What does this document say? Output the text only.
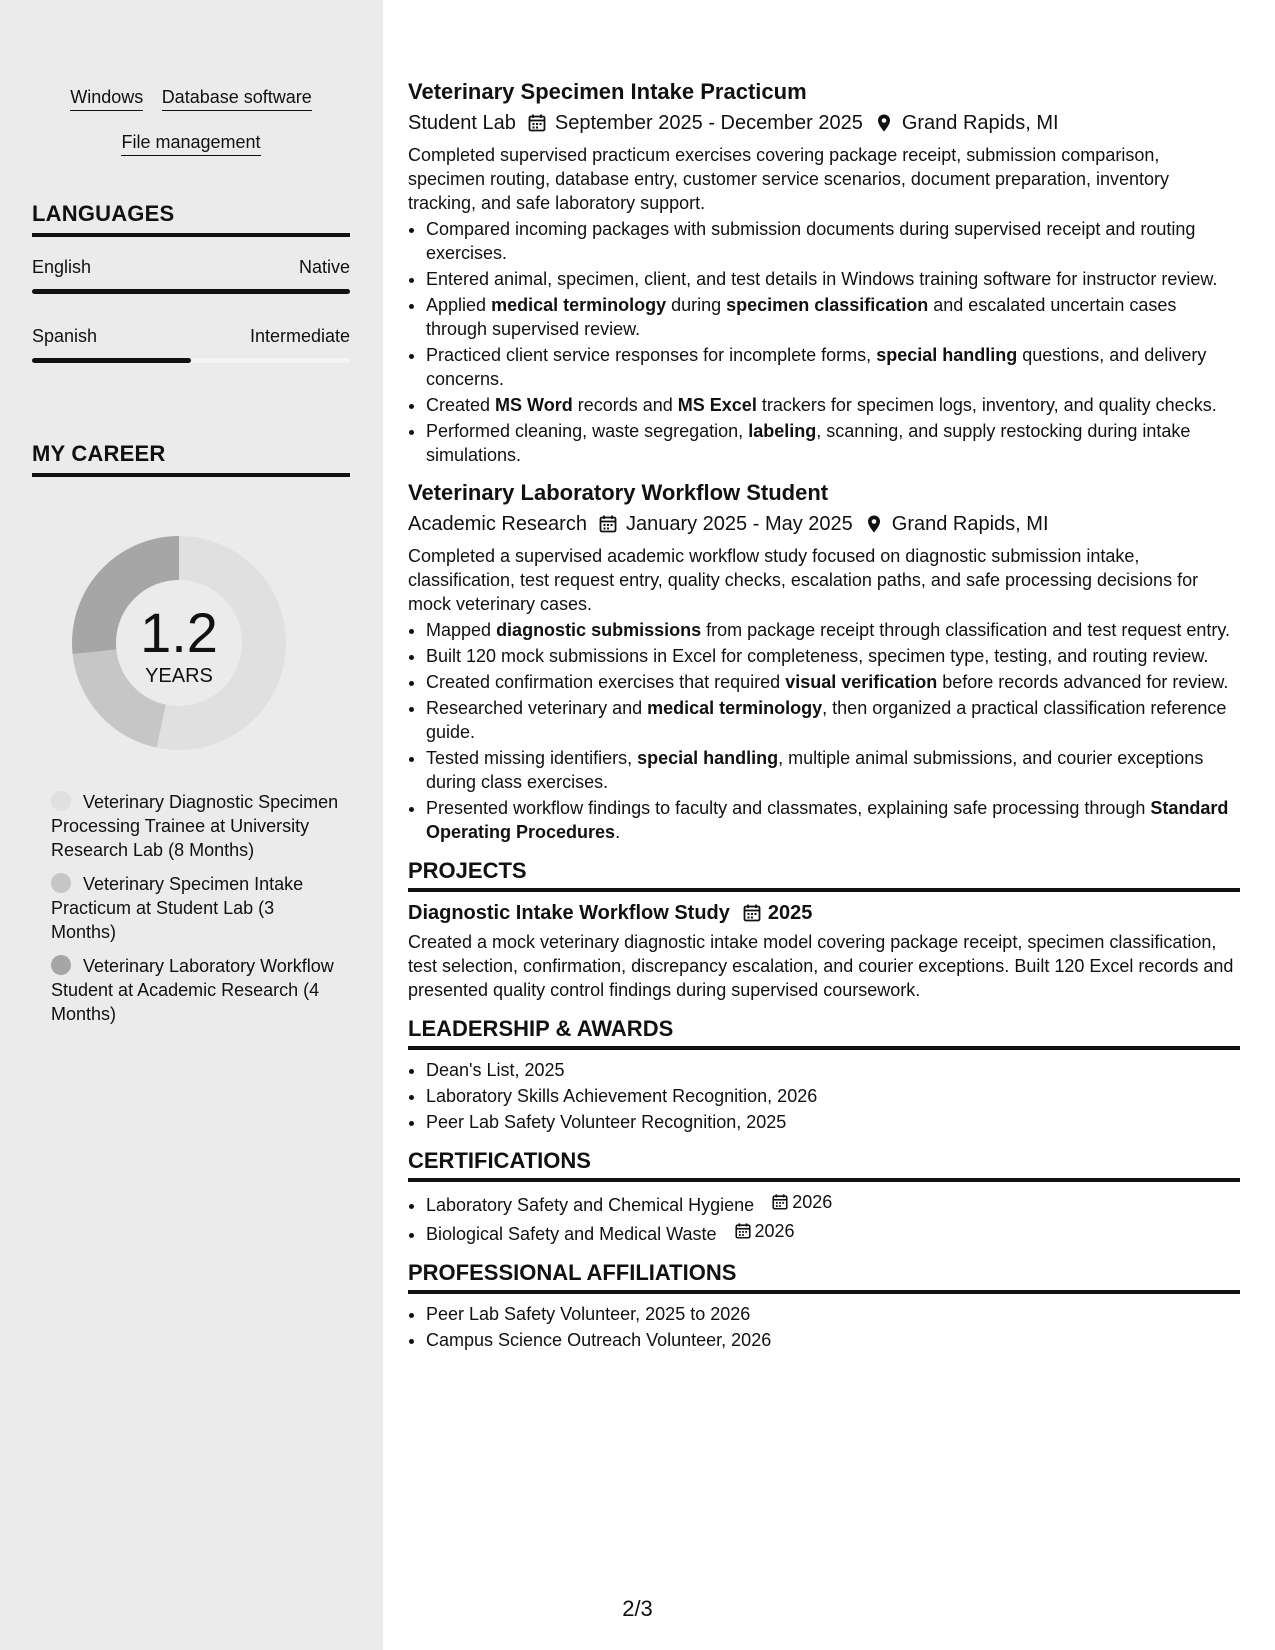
Windows Database software
File management
LANGUAGES
English	Native
Spanish	Intermediate
MY CAREER
1.2
YEARS
Veterinary Diagnostic Specimen Processing Trainee at University Research Lab (8 Months)
Veterinary Specimen Intake Practicum at Student Lab (3 Months)
Veterinary Laboratory Workflow Student at Academic Research (4 Months)
Veterinary Specimen Intake Practicum
Student Lab September 2025 - December 2025 Grand Rapids, MI
Completed supervised practicum exercises covering package receipt, submission comparison, specimen routing, database entry, customer service scenarios, document preparation, inventory tracking, and safe laboratory support.
• Compared incoming packages with submission documents during supervised receipt and routing exercises.
• Entered animal, specimen, client, and test details in Windows training software for instructor review.
• Applied medical terminology during specimen classification and escalated uncertain cases through supervised review.
• Practiced client service responses for incomplete forms, special handling questions, and delivery concerns.
• Created MS Word records and MS Excel trackers for specimen logs, inventory, and quality checks.
• Performed cleaning, waste segregation, labeling, scanning, and supply restocking during intake simulations.
Veterinary Laboratory Workflow Student
Academic Research January 2025 - May 2025 Grand Rapids, MI
Completed a supervised academic workflow study focused on diagnostic submission intake, classification, test request entry, quality checks, escalation paths, and safe processing decisions for mock veterinary cases.
• Mapped diagnostic submissions from package receipt through classification and test request entry.
• Built 120 mock submissions in Excel for completeness, specimen type, testing, and routing review.
• Created confirmation exercises that required visual verification before records advanced for review.
• Researched veterinary and medical terminology, then organized a practical classification reference guide.
• Tested missing identifiers, special handling, multiple animal submissions, and courier exceptions during class exercises.
• Presented workflow findings to faculty and classmates, explaining safe processing through Standard Operating Procedures.
PROJECTS
Diagnostic Intake Workflow Study 2025
Created a mock veterinary diagnostic intake model covering package receipt, specimen classification, test selection, confirmation, discrepancy escalation, and courier exceptions. Built 120 Excel records and presented quality control findings during supervised coursework.
LEADERSHIP & AWARDS
• Dean's List, 2025
• Laboratory Skills Achievement Recognition, 2026
• Peer Lab Safety Volunteer Recognition, 2025
CERTIFICATIONS
• Laboratory Safety and Chemical Hygiene 2026
• Biological Safety and Medical Waste 2026
PROFESSIONAL AFFILIATIONS
• Peer Lab Safety Volunteer, 2025 to 2026
• Campus Science Outreach Volunteer, 2026
2/3
